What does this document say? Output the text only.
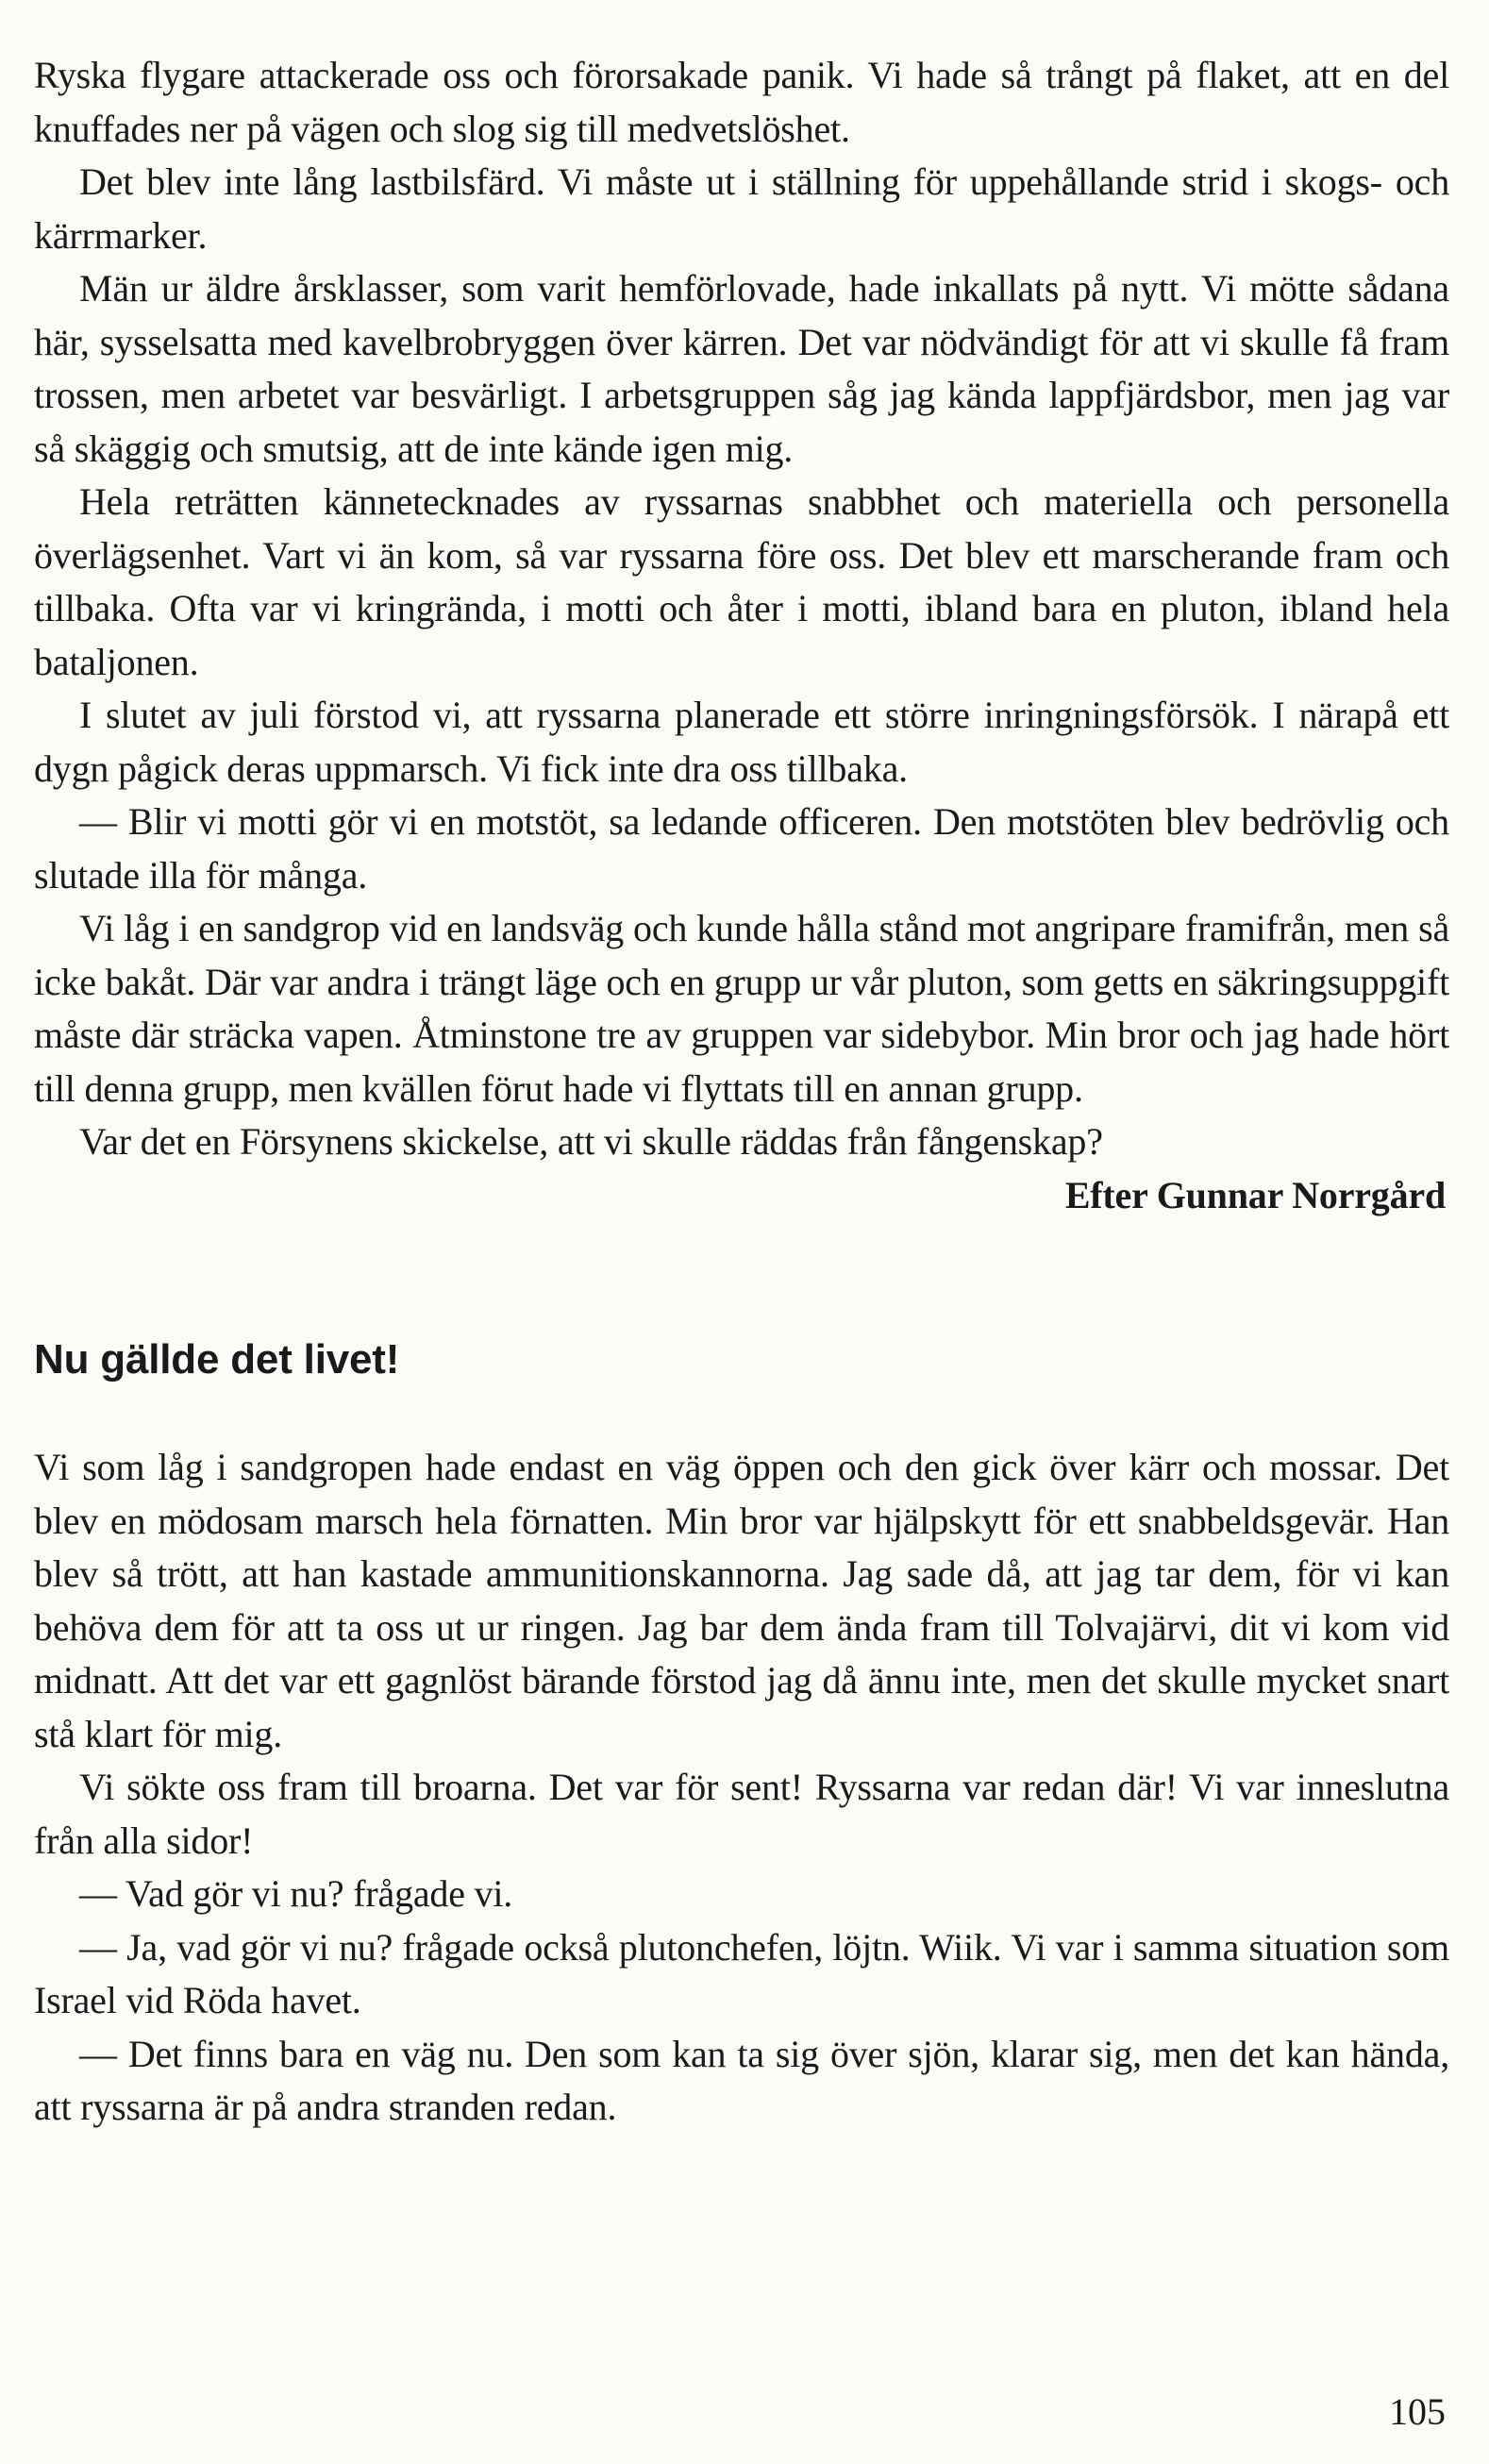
Ryska flygare attackerade oss och förorsakade panik. Vi hade så trångt på flaket, att en del knuffades ner på vägen och slog sig till medvetslöshet.

Det blev inte lång lastbilsfärd. Vi måste ut i ställning för uppehållande strid i skogs- och kärrmarker.

Män ur äldre årsklasser, som varit hemförlovade, hade inkallats på nytt. Vi mötte sådana här, sysselsatta med kavelbrobryggen över kärren. Det var nödvändigt för att vi skulle få fram trossen, men arbetet var besvärligt. I arbetsgruppen såg jag kända lappfjärdsbor, men jag var så skäggig och smutsig, att de inte kände igen mig.

Hela reträtten kännetecknades av ryssarnas snabbhet och materiella och personella överlägsenhet. Vart vi än kom, så var ryssarna före oss. Det blev ett marscherande fram och tillbaka. Ofta var vi kringrända, i motti och åter i motti, ibland bara en pluton, ibland hela bataljonen.

I slutet av juli förstod vi, att ryssarna planerade ett större inringningsförsök. I närapå ett dygn pågick deras uppmarsch. Vi fick inte dra oss tillbaka.

— Blir vi motti gör vi en motstöt, sa ledande officeren. Den motstöten blev bedrövlig och slutade illa för många.

Vi låg i en sandgrop vid en landsväg och kunde hålla stånd mot angripare framifrån, men så icke bakåt. Där var andra i trängt läge och en grupp ur vår pluton, som getts en säkringsuppgift måste där sträcka vapen. Åtminstone tre av gruppen var sidebybor. Min bror och jag hade hört till denna grupp, men kvällen förut hade vi flyttats till en annan grupp.

Var det en Försynens skickelse, att vi skulle räddas från fångenskap?

Efter Gunnar Norrgård

Nu gällde det livet!

Vi som låg i sandgropen hade endast en väg öppen och den gick över kärr och mossar. Det blev en mödosam marsch hela förnatten. Min bror var hjälpskytt för ett snabbeldsgevär. Han blev så trött, att han kastade ammunitionskannorna. Jag sade då, att jag tar dem, för vi kan behöva dem för att ta oss ut ur ringen. Jag bar dem ända fram till Tolvajärvi, dit vi kom vid midnatt. Att det var ett gagnlöst bärande förstod jag då ännu inte, men det skulle mycket snart stå klart för mig.

Vi sökte oss fram till broarna. Det var för sent! Ryssarna var redan där! Vi var inneslutna från alla sidor!

— Vad gör vi nu? frågade vi.

— Ja, vad gör vi nu? frågade också plutonchefen, löjtn. Wiik. Vi var i samma situation som Israel vid Röda havet.

— Det finns bara en väg nu. Den som kan ta sig över sjön, klarar sig, men det kan hända, att ryssarna är på andra stranden redan.

105
